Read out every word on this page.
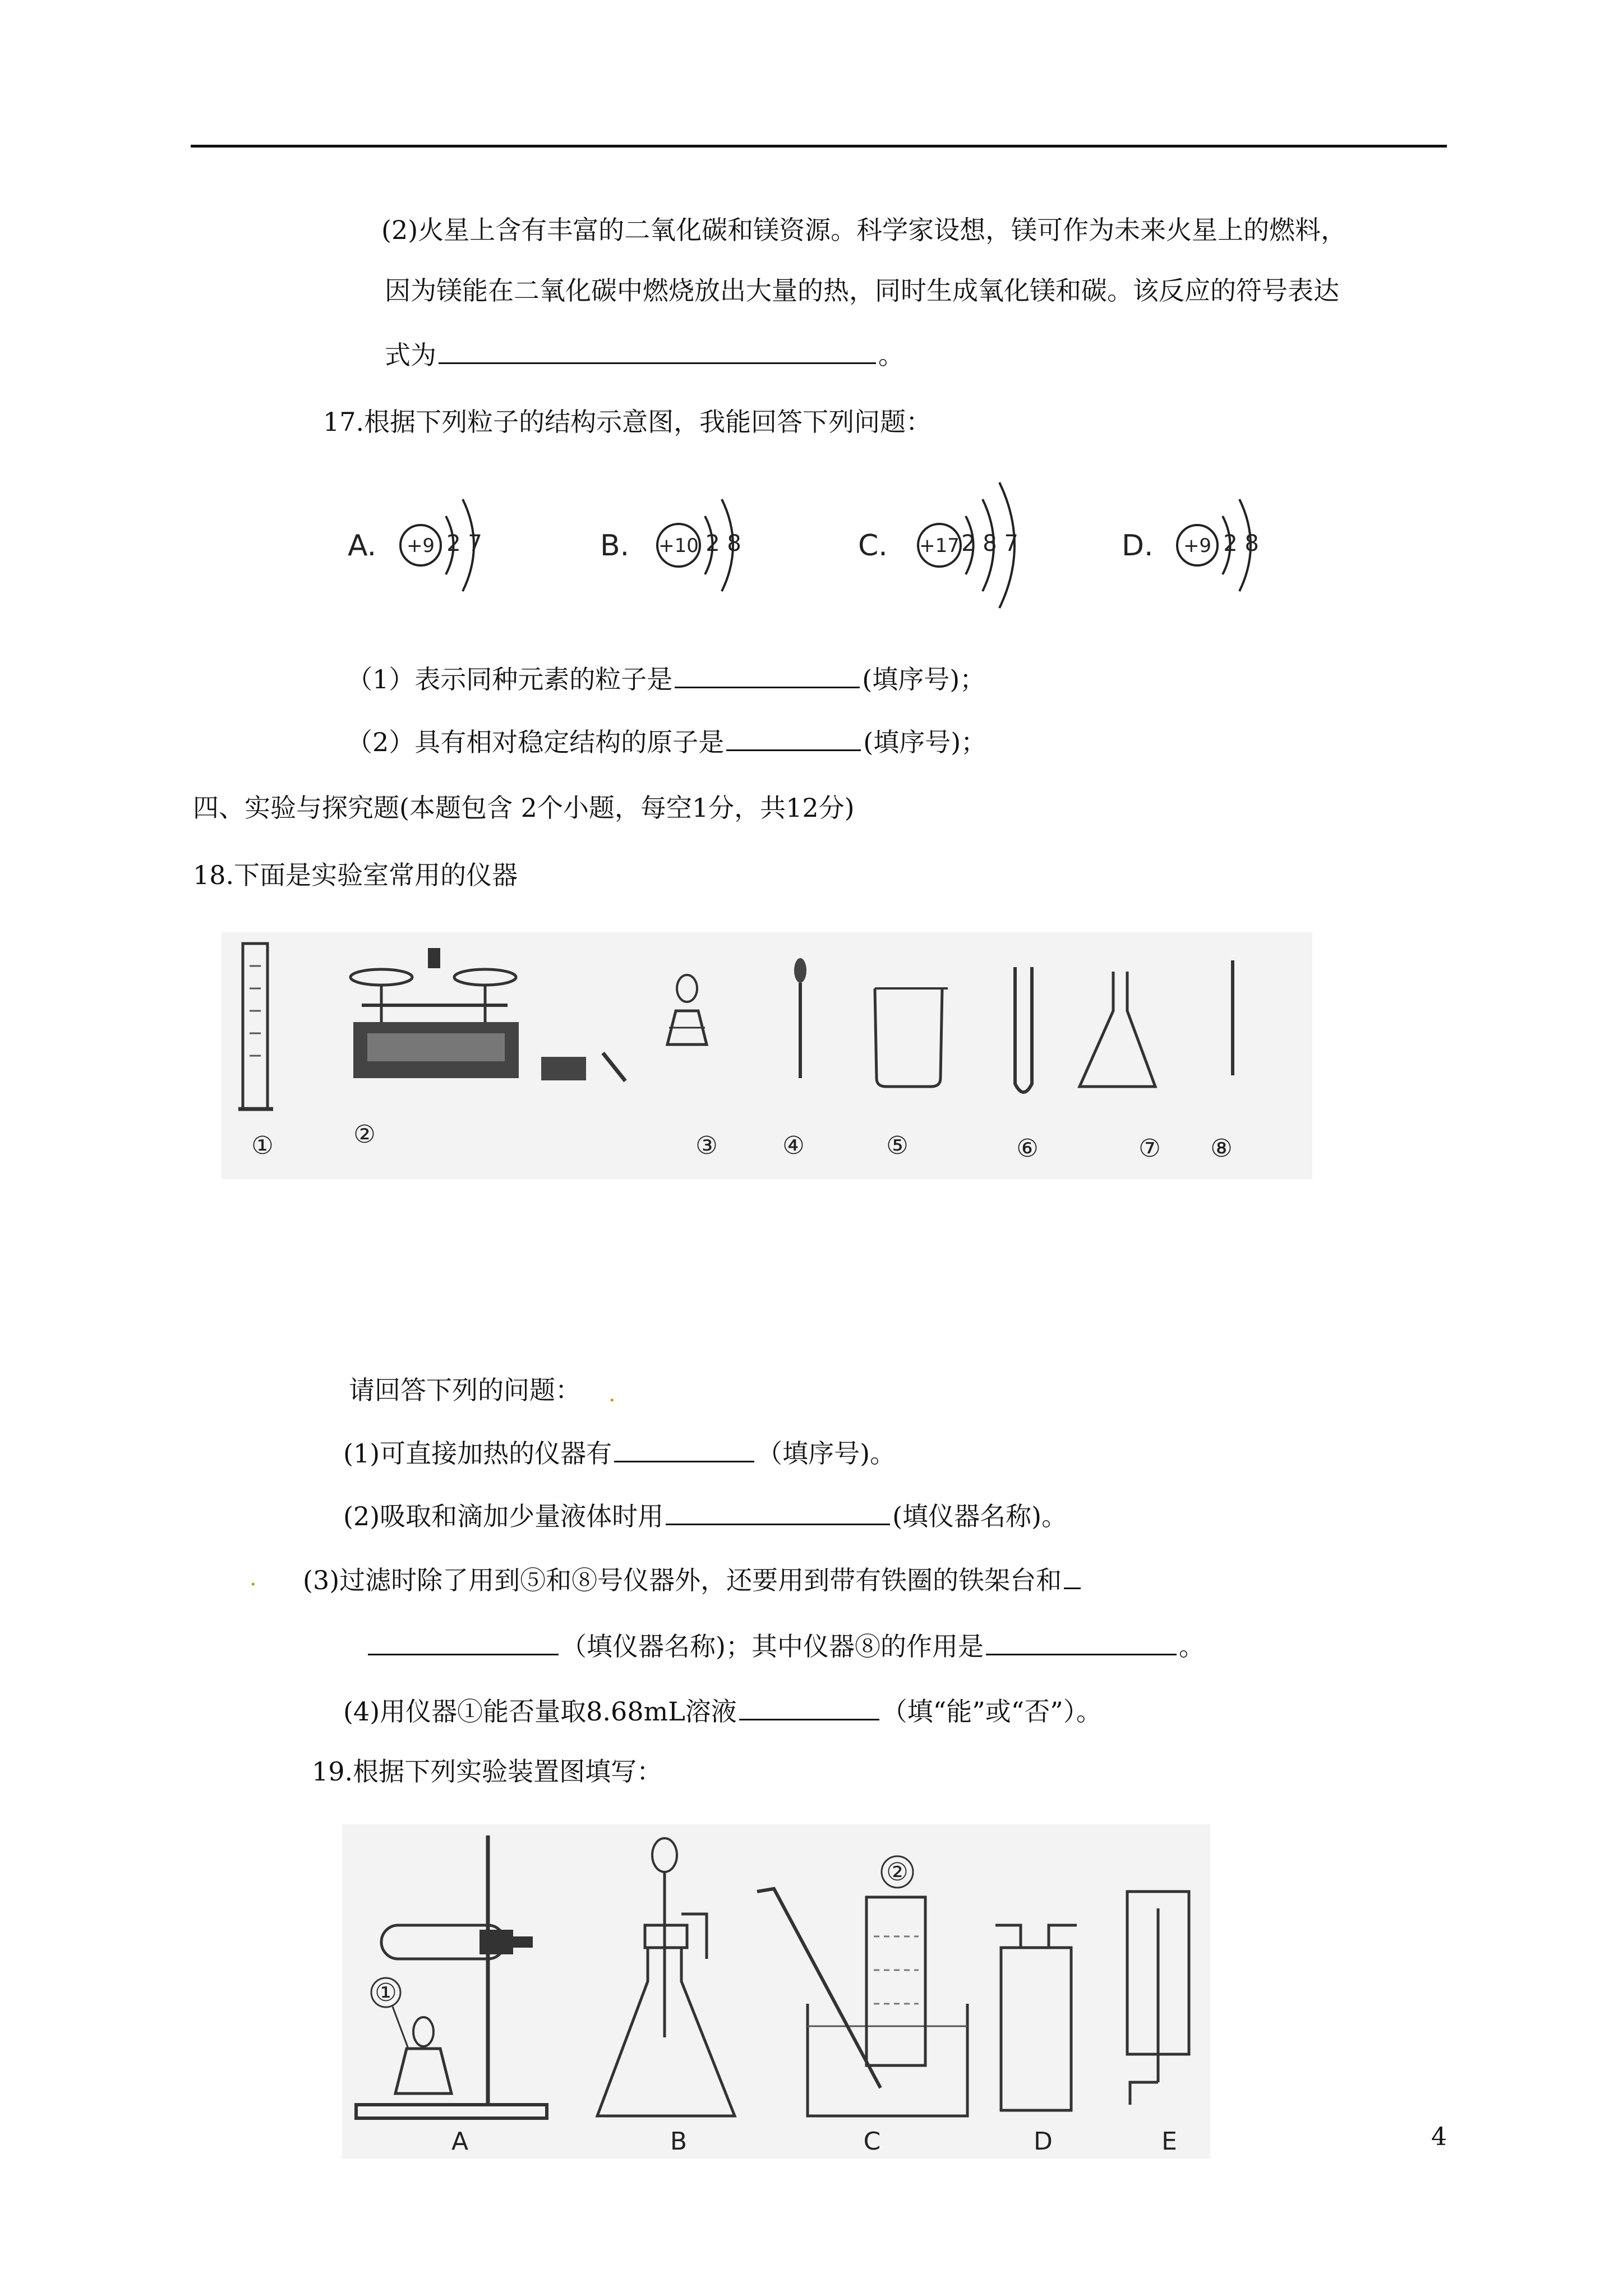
(2)火星上含有丰富的二氧化碳和镁资源。科学家设想，镁可作为未来火星上的燃料，
因为镁能在二氧化碳中燃烧放出大量的热，同时生成氧化镁和碳。该反应的符号表达
式为	。
17.根据下列粒子的结构示意图，我能回答下列问题：
A. +9 2 7	B. +10 2 8	C. +17 2 8 7	D. +9 2 8
（1）表示同种元素的粒子是	(填序号)；
（2）具有相对稳定结构的原子是	(填序号)；
四、实验与探究题(本题包含 2个小题，每空1分，共12分)
18.下面是实验室常用的仪器
①	②	③	④	⑤	⑥	⑦ ⑧
请回答下列的问题： .
(1)可直接加热的仪器有	（填序号)。
(2)吸取和滴加少量液体时用	(填仪器名称)。
. (3)过滤时除了用到⑤和⑧号仪器外，还要用到带有铁圈的铁架台和
（填仪器名称)；其中仪器⑧的作用是	。
(4)用仪器①能否量取8.68mL溶液	（填“能”或“否”）。
19.根据下列实验装置图填写：
①
②
A	B	C	D	E	4
